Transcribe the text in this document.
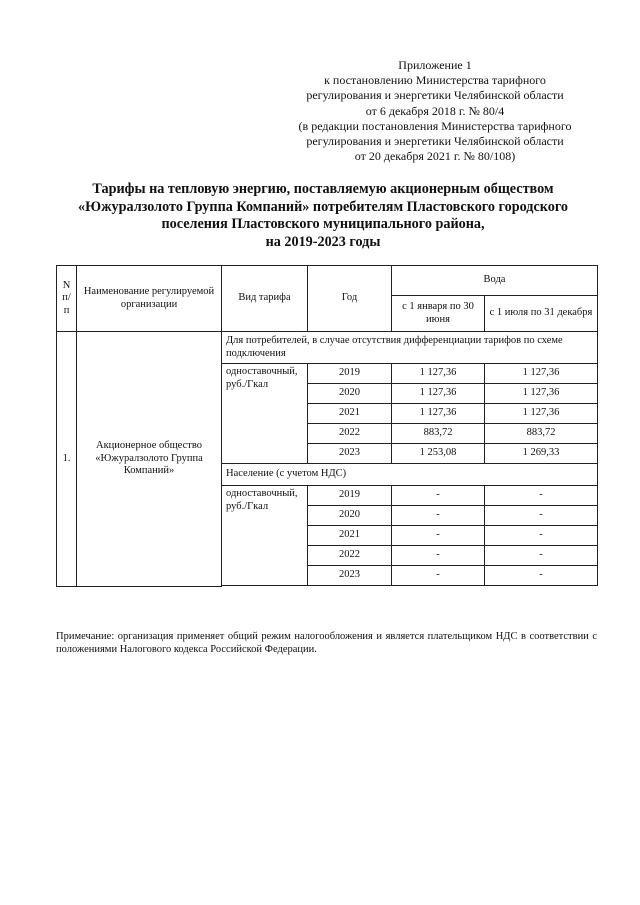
Приложение 1
к постановлению Министерства тарифного
регулирования и энергетики Челябинской области
от 6 декабря 2018 г. № 80/4
(в редакции постановления Министерства тарифного
регулирования и энергетики Челябинской области
от 20 декабря 2021 г. № 80/108)
Тарифы на тепловую энергию, поставляемую акционерным обществом
«Южуралзолото Группа Компаний» потребителям Пластовского городского
поселения Пластовского муниципального района,
на 2019-2023 годы
N п/п	Наименование регулируемой организации	Вид тарифа	Год	Вода	
				с 1 января по 30 июня	с 1 июля по 31 декабря
1.	Акционерное общество «Южуралзолото Группа Компаний»	Для потребителей, в случае отсутствия дифференциации тарифов по схеме подключения			
		одноставочный, руб./Гкал	2019	1 127,36	1 127,36
			2020	1 127,36	1 127,36
			2021	1 127,36	1 127,36
			2022	883,72	883,72
			2023	1 253,08	1 269,33
		Население (с учетом НДС)			
		одноставочный, руб./Гкал	2019	-	-
			2020	-	-
			2021	-	-
			2022	-	-
			2023	-	-

Примечание: организация применяет общий режим налогообложения и является плательщиком НДС в соответствии с положениями Налогового кодекса Российской Федерации.
